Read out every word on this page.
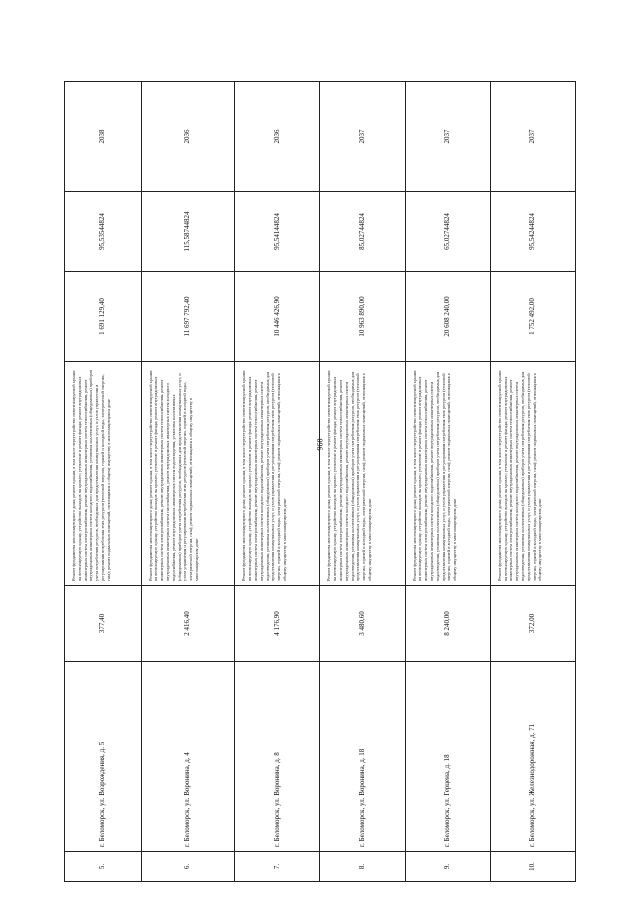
960
5.	г. Беломорск, ул. Возрождения, д. 5	377,40	Ремонт фундамента многоквартирного дома; ремонт крыши, в том числе переустройство невентилируемой крыши на вентилируемую крышу, устройство выходов на кровлю; утепление и ремонт фасада; ремонт внутридомовых инженерных систем электроснабжения, ремонт внутридомовых инженерных систем теплоснабжения, ремонт внутридомовых инженерных систем холодного водоснабжения, установка коллективных (общедомовых) приборов учета потребления ресурсов, необходимых для предоставления коммунальных услуг, и узлов управления и регулирования потребления этих ресурсов (тепловой энергии, горячей и холодной воды, электрической энергии, газа); ремонт подвальных помещений, относящихся к общему имуществу в многоквартирном доме	1 691 129,40	95,53544824	2038
6.	г. Беломорск, ул. Воронина, д. 4	2 416,40	Ремонт фундамента многоквартирного дома; ремонт крыши, в том числе переустройство невентилируемой крыши на вентилируемую крышу, устройство выходов на кровлю; утепление и ремонт фасада; ремонт внутридомовых инженерных систем электроснабжения, ремонт внутридомовых инженерных систем теплоснабжения, ремонт внутридомовых инженерных систем газоснабжения, ремонт внутридомовых инженерных систем холодного водоснабжения, ремонт внутридомовых инженерных систем водоотведения, установка коллективных (общедомовых) приборов учета потребления ресурсов, необходимых для предоставления коммунальных услуг, и узлов управления и регулирования потребления этих ресурсов (тепловой энергии, горячей и холодной воды, электрической энергии, газа); ремонт подвальных помещений, относящихся к общему имуществу в многоквартирном доме	11 697 792,40	115,58744824	2036
7.	г. Беломорск, ул. Воронина, д. 8	4 176,90	Ремонт фундамента многоквартирного дома; ремонт крыши, в том числе переустройство невентилируемой крыши на вентилируемую крышу, устройство выходов на кровлю; утепление и ремонт фасада; ремонт внутридомовых инженерных систем электроснабжения, ремонт внутридомовых инженерных систем теплоснабжения, ремонт внутридомовых инженерных систем холодного водоснабжения, ремонт внутридомовых инженерных систем водоотведения, установка коллективных (общедомовых) приборов учета потребления ресурсов, необходимых для предоставления коммунальных услуг, и узлов управления и регулирования потребления этих ресурсов (тепловой энергии, горячей и холодной воды, электрической энергии, газа); ремонт подвальных помещений, относящихся к общему имуществу в многоквартирном доме	10 446 426,90	95,54144824	2036
8.	г. Беломорск, ул. Воронина, д. 18	3 480,60	Ремонт фундамента многоквартирного дома; ремонт крыши, в том числе переустройство невентилируемой крыши на вентилируемую крышу, устройство выходов на кровлю; утепление и ремонт фасада; ремонт внутридомовых инженерных систем электроснабжения, ремонт внутридомовых инженерных систем теплоснабжения, ремонт внутридомовых инженерных систем холодного водоснабжения, ремонт внутридомовых инженерных систем водоотведения, установка коллективных (общедомовых) приборов учета потребления ресурсов, необходимых для предоставления коммунальных услуг, и узлов управления и регулирования потребления этих ресурсов (тепловой энергии, горячей и холодной воды, электрической энергии, газа); ремонт подвальных помещений, относящихся к общему имуществу в многоквартирном доме	10 963 890,00	85,02744824	2037
9.	г. Беломорск, ул. Герцена, д. 18	8 240,00	Ремонт фундамента многоквартирного дома; ремонт крыши, в том числе переустройство невентилируемой крыши на вентилируемую крышу, устройство выходов на кровлю; утепление и ремонт фасада; ремонт внутридомовых инженерных систем электроснабжения, ремонт внутридомовых инженерных систем теплоснабжения, ремонт внутридомовых инженерных систем холодного водоснабжения, ремонт внутридомовых инженерных систем водоотведения, установка коллективных (общедомовых) приборов учета потребления ресурсов, необходимых для предоставления коммунальных услуг, и узлов управления и регулирования потребления этих ресурсов (тепловой энергии, горячей и холодной воды, электрической энергии, газа); ремонт подвальных помещений, относящихся к общему имуществу в многоквартирном доме	20 608 240,00	65,02744824	2037
10.	г. Беломорск, ул. Железнодорожная, д. 71	372,00	Ремонт фундамента многоквартирного дома; ремонт крыши, в том числе переустройство невентилируемой крыши на вентилируемую крышу, устройство выходов на кровлю; утепление и ремонт фасада; ремонт внутридомовых инженерных систем электроснабжения, ремонт внутридомовых инженерных систем теплоснабжения, ремонт внутридомовых инженерных систем холодного водоснабжения, ремонт внутридомовых инженерных систем водоотведения, установка коллективных (общедомовых) приборов учета потребления ресурсов, необходимых для предоставления коммунальных услуг, и узлов управления и регулирования потребления этих ресурсов (тепловой энергии, горячей и холодной воды, электрической энергии, газа); ремонт подвальных помещений, относящихся к общему имуществу в многоквартирном доме	1 752 492,00	95,54244824	2037
